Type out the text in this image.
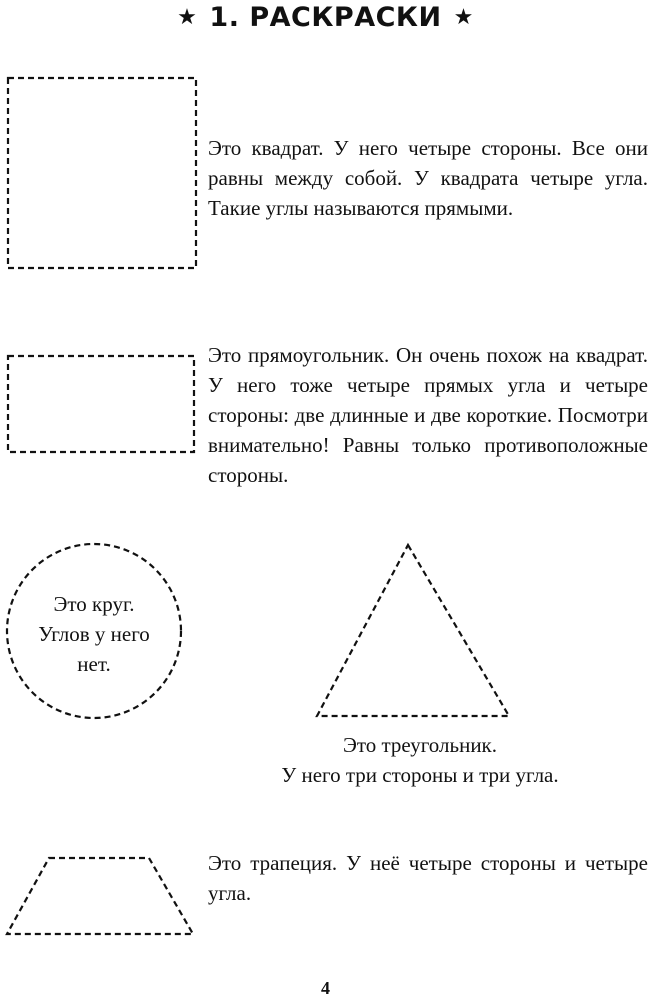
★ 1. РАСКРАСКИ ★

Это квадрат. У него четыре стороны. Все они равны между собой. У квадрата четыре угла. Такие углы называются прямыми.

Это прямоугольник. Он очень похож на квадрат. У него тоже четыре прямых угла и четыре стороны: две длинные и две короткие. Посмотри внимательно! Равны только противоположные стороны.

Это круг.
Углов у него
нет.
Это треугольник.
У него три стороны и три угла.

Это трапеция. У неё четыре стороны и четыре угла.

4
